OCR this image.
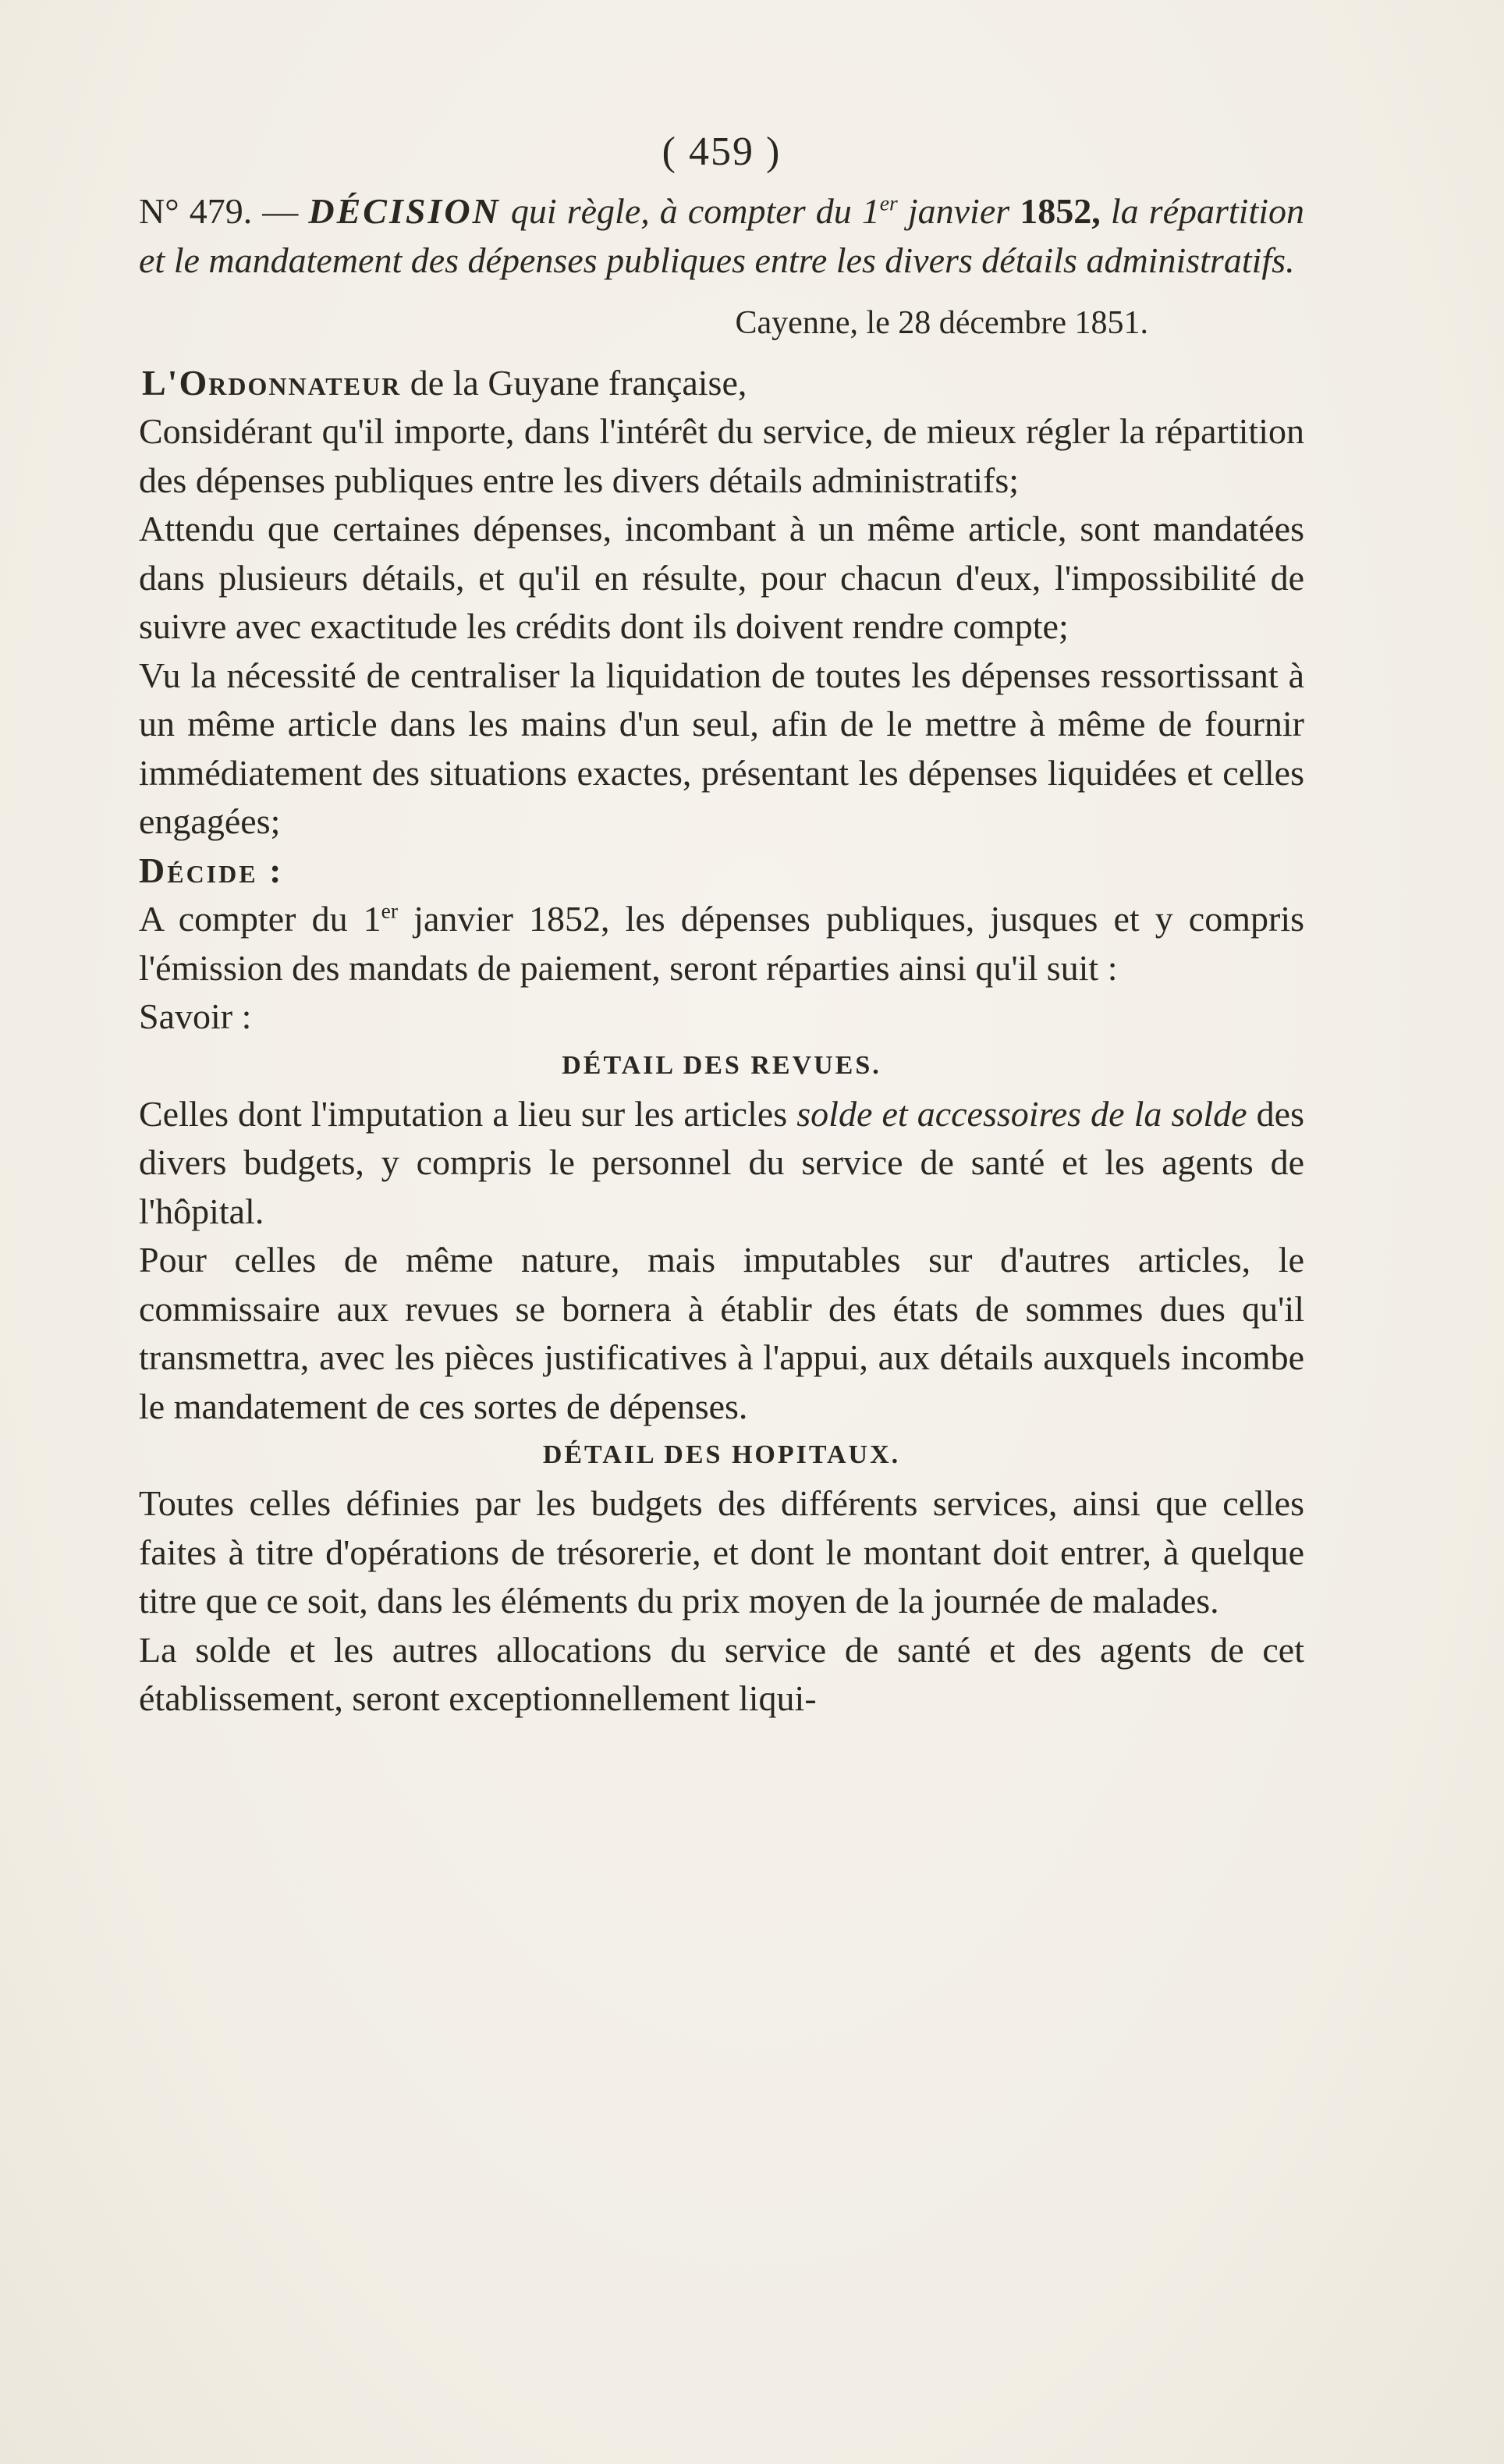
( 459 )

N° 479. — DÉCISION qui règle, à compter du 1er janvier 1852, la répartition et le mandatement des dépenses publiques entre les divers détails administratifs.

Cayenne, le 28 décembre 1851.

L'Ordonnateur de la Guyane française,

Considérant qu'il importe, dans l'intérêt du service, de mieux régler la répartition des dépenses publiques entre les divers détails administratifs;

Attendu que certaines dépenses, incombant à un même article, sont mandatées dans plusieurs détails, et qu'il en résulte, pour chacun d'eux, l'impossibilité de suivre avec exactitude les crédits dont ils doivent rendre compte;

Vu la nécessité de centraliser la liquidation de toutes les dépenses ressortissant à un même article dans les mains d'un seul, afin de le mettre à même de fournir immédiatement des situations exactes, présentant les dépenses liquidées et celles engagées;

Décide :

A compter du 1er janvier 1852, les dépenses publiques, jusques et y compris l'émission des mandats de paiement, seront réparties ainsi qu'il suit :

Savoir :

DÉTAIL DES REVUES.

Celles dont l'imputation a lieu sur les articles solde et accessoires de la solde des divers budgets, y compris le personnel du service de santé et les agents de l'hôpital.

Pour celles de même nature, mais imputables sur d'autres articles, le commissaire aux revues se bornera à établir des états de sommes dues qu'il transmettra, avec les pièces justificatives à l'appui, aux détails auxquels incombe le mandatement de ces sortes de dépenses.

DÉTAIL DES HOPITAUX.

Toutes celles définies par les budgets des différents services, ainsi que celles faites à titre d'opérations de trésorerie, et dont le montant doit entrer, à quelque titre que ce soit, dans les éléments du prix moyen de la journée de malades.

La solde et les autres allocations du service de santé et des agents de cet établissement, seront exceptionnellement liqui-
